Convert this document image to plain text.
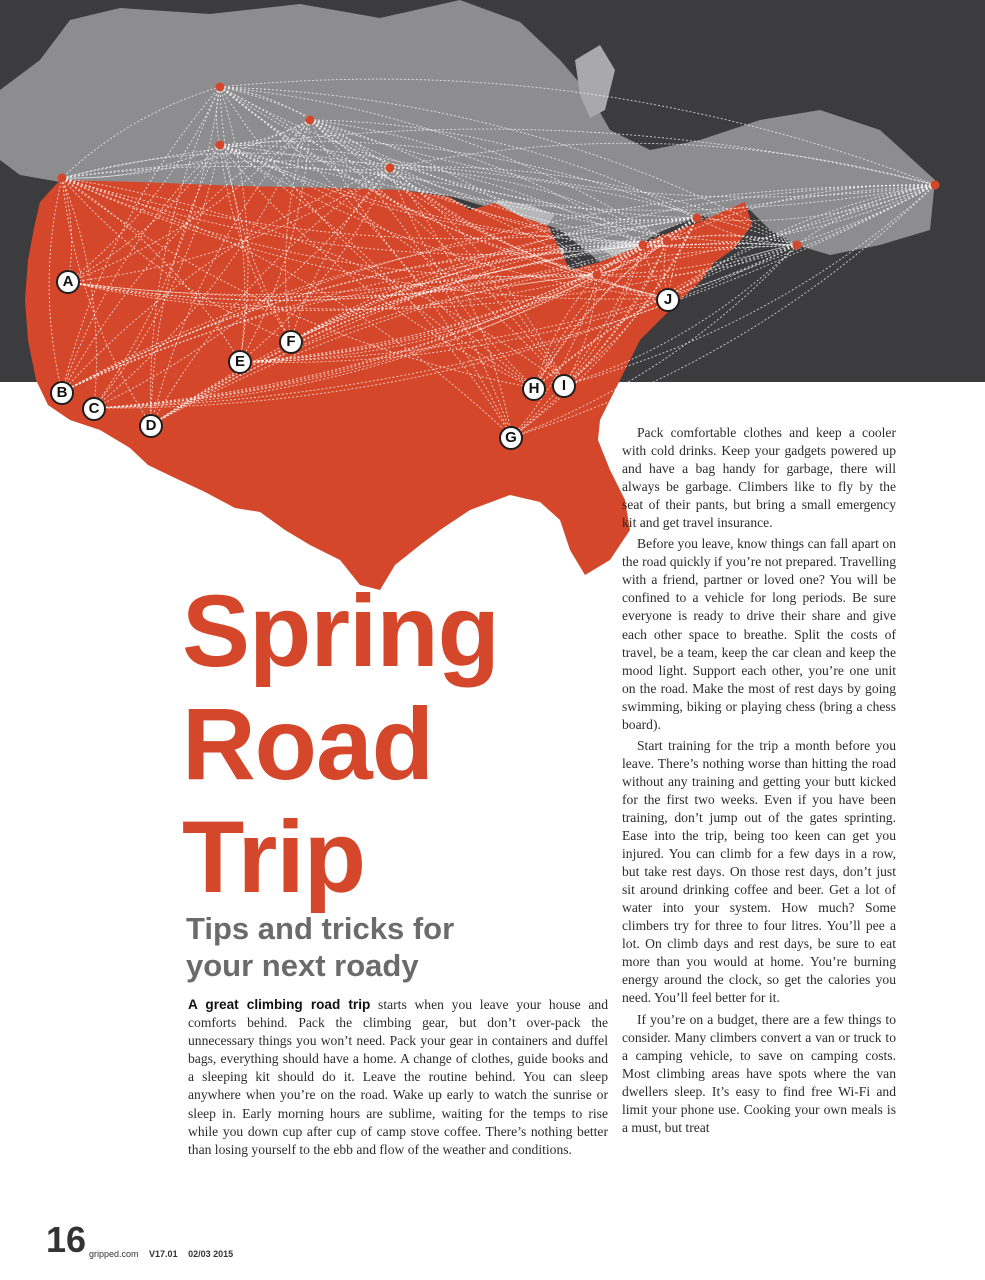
A
B
C
D
E
F
G
H	I
J
Spring
Road
Trip
Tips and tricks for
your next roady
A great climbing road trip starts when you leave your house and comforts behind. Pack the climbing gear, but don’t over-pack the unnecessary things you won’t need. Pack your gear in containers and duffel bags, everything should have a home. A change of clothes, guide books and a sleeping kit should do it. Leave the routine behind. You can sleep anywhere when you’re on the road. Wake up early to watch the sunrise or sleep in. Early morning hours are sublime, waiting for the temps to rise while you down cup after cup of camp stove coffee. There’s nothing better than losing yourself to the ebb and flow of the weather and conditions.

Pack comfortable clothes and keep a cooler with cold drinks. Keep your gadgets powered up and have a bag handy for garbage, there will always be garbage. Climbers like to fly by the seat of their pants, but bring a small emergency kit and get travel insurance.

Before you leave, know things can fall apart on the road quickly if you’re not prepared. Travelling with a friend, partner or loved one? You will be confined to a vehicle for long periods. Be sure everyone is ready to drive their share and give each other space to breathe. Split the costs of travel, be a team, keep the car clean and keep the mood light. Support each other, you’re one unit on the road. Make the most of rest days by going swimming, biking or playing chess (bring a chess board).

Start training for the trip a month before you leave. There’s nothing worse than hitting the road without any training and getting your butt kicked for the first two weeks. Even if you have been training, don’t jump out of the gates sprinting. Ease into the trip, being too keen can get you injured. You can climb for a few days in a row, but take rest days. On those rest days, don’t just sit around drinking coffee and beer. Get a lot of water into your system. How much? Some climbers try for three to four litres. You’ll pee a lot. On climb days and rest days, be sure to eat more than you would at home. You’re burning energy around the clock, so get the calories you need. You’ll feel better for it.

If you’re on a budget, there are a few things to consider. Many climbers convert a van or truck to a camping vehicle, to save on camping costs. Most climbing areas have spots where the van dwellers sleep. It’s easy to find free Wi-Fi and limit your phone use. Cooking your own meals is a must, but treat

16 gripped.com V17.01 02/03 2015
